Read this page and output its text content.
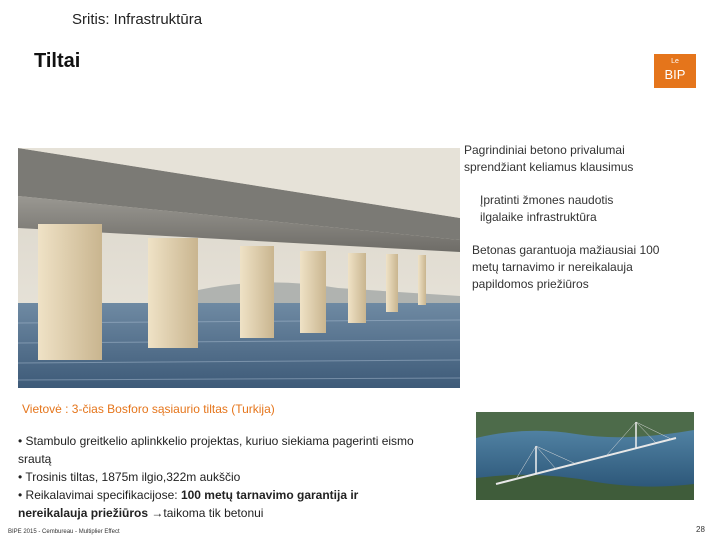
Sritis: Infrastruktūra
Tiltai	Le
BIP
Pagrindiniai betono privalumai sprendžiant keliamus klausimus
Įpratinti žmones naudotis ilgalaike infrastruktūra
Betonas garantuoja mažiausiai 100 metų tarnavimo ir nereikalauja papildomos priežiūros
Vietovė : 3-čias Bosforo sąsiaurio tiltas (Turkija)
• Stambulo greitkelio aplinkkelio projektas, kuriuo siekiama pagerinti eismo srautą
• Trosinis tiltas, 1875m ilgio,322m aukščio
• Reikalavimai specifikacijose: 100 metų tarnavimo garantija ir nereikalauja priežiūros →taikoma tik betonui
BIPE 2015 - Cembureau - Multiplier Effect	28
